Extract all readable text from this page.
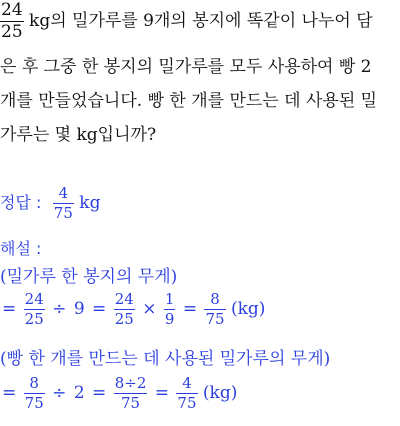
$\frac{24}{25}$ kg의 밀가루를 9개의 봉지에 똑같이 나누어 담
은 후 그중 한 봉지의 밀가루를 모두 사용하여 빵 2
개를 만들었습니다. 빵 한 개를 만드는 데 사용된 밀
가루는 몇 kg입니까?
정답 : $\frac{4}{75}$ kg
해설 :
(밀가루 한 봉지의 무게)
= $\frac{24}{25} \div 9 = \frac{24}{25} \times \frac{1}{9} = \frac{8}{75} (kg)$
(빵 한 개를 만드는 데 사용된 밀가루의 무게)
= $\frac{8}{75} \div 2 = \frac{8\div 2}{75} = \frac{4}{75} (kg)$
